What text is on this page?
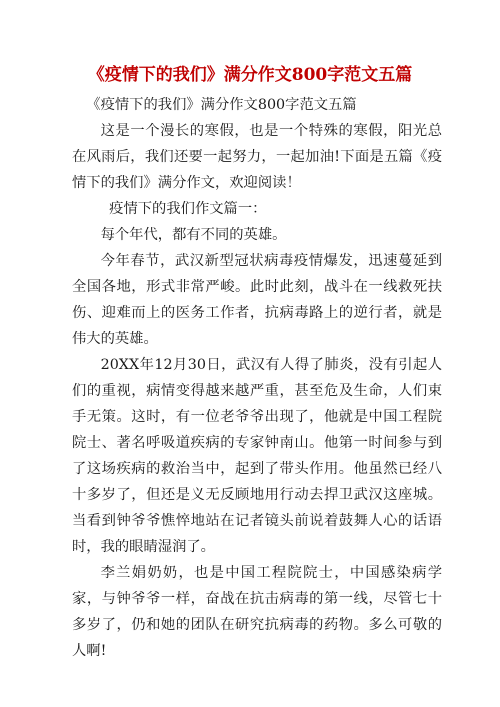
《疫情下的我们》满分作文800字范文五篇

《疫情下的我们》满分作文800字范文五篇

这是一个漫长的寒假，也是一个特殊的寒假，阳光总在风雨后，我们还要一起努力，一起加油!下面是五篇《疫情下的我们》满分作文，欢迎阅读！

疫情下的我们作文篇一：

每个年代，都有不同的英雄。

今年春节，武汉新型冠状病毒疫情爆发，迅速蔓延到全国各地，形式非常严峻。此时此刻，战斗在一线救死扶伤、迎难而上的医务工作者，抗病毒路上的逆行者，就是伟大的英雄。

20XX年12月30日，武汉有人得了肺炎，没有引起人们的重视，病情变得越来越严重，甚至危及生命，人们束手无策。这时，有一位老爷爷出现了，他就是中国工程院院士、著名呼吸道疾病的专家钟南山。他第一时间参与到了这场疾病的救治当中，起到了带头作用。他虽然已经八十多岁了，但还是义无反顾地用行动去捍卫武汉这座城。当看到钟爷爷憔悴地站在记者镜头前说着鼓舞人心的话语时，我的眼睛湿润了。

李兰娟奶奶，也是中国工程院院士，中国感染病学家，与钟爷爷一样，奋战在抗击病毒的第一线，尽管七十多岁了，仍和她的团队在研究抗病毒的药物。多么可敬的人啊!
